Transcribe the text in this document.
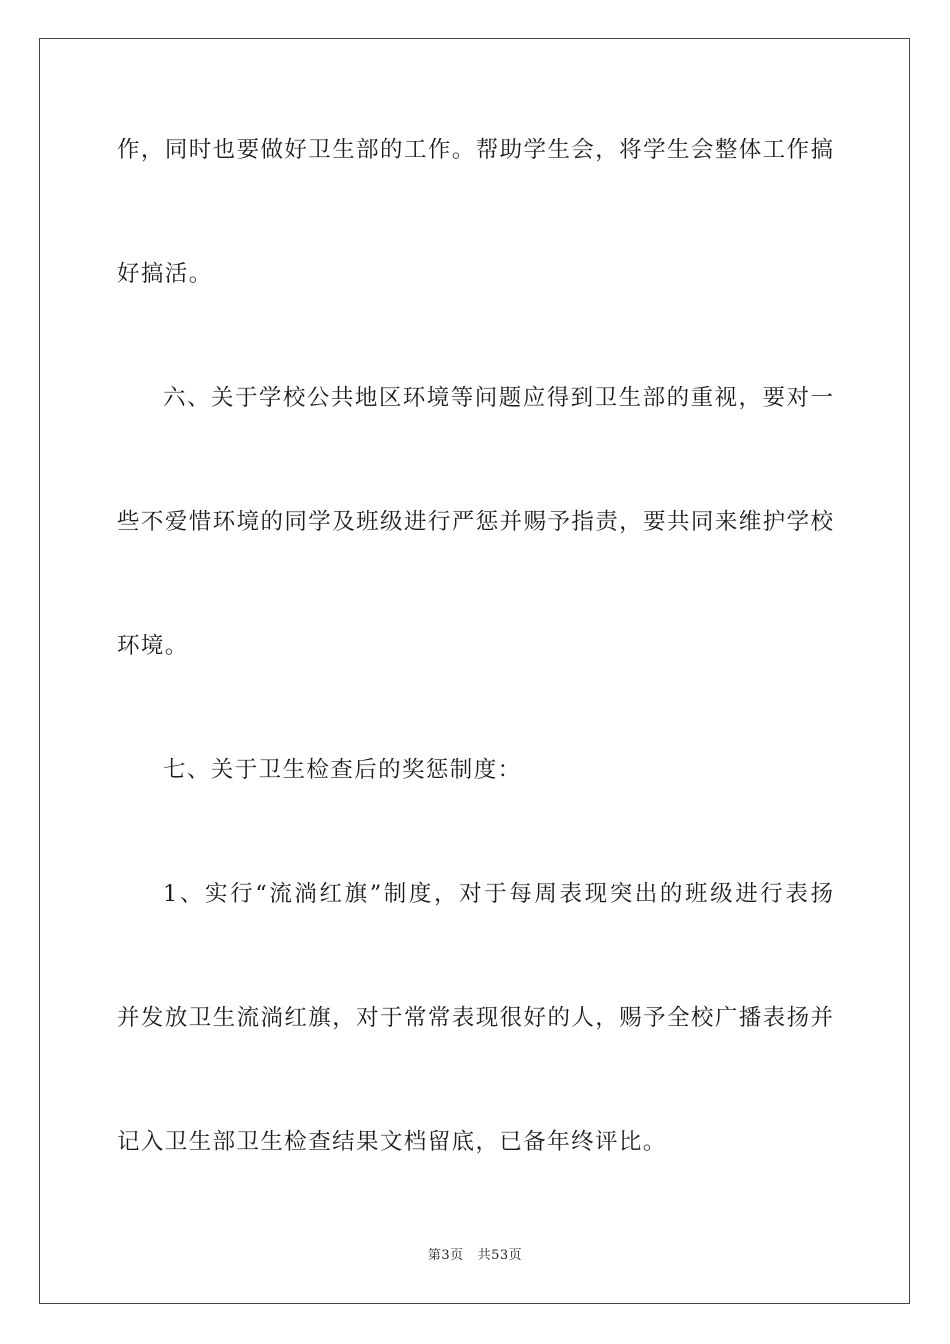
作，同时也要做好卫生部的工作。帮助学生会，将学生会整体工作搞
好搞活。
六、关于学校公共地区环境等问题应得到卫生部的重视，要对一
些不爱惜环境的同学及班级进行严惩并赐予指责，要共同来维护学校
环境。
七、关于卫生检查后的奖惩制度：
1、实行“流淌红旗”制度，对于每周表现突出的班级进行表扬
并发放卫生流淌红旗，对于常常表现很好的人，赐予全校广播表扬并
记入卫生部卫生检查结果文档留底，已备年终评比。
第3页 共53页
